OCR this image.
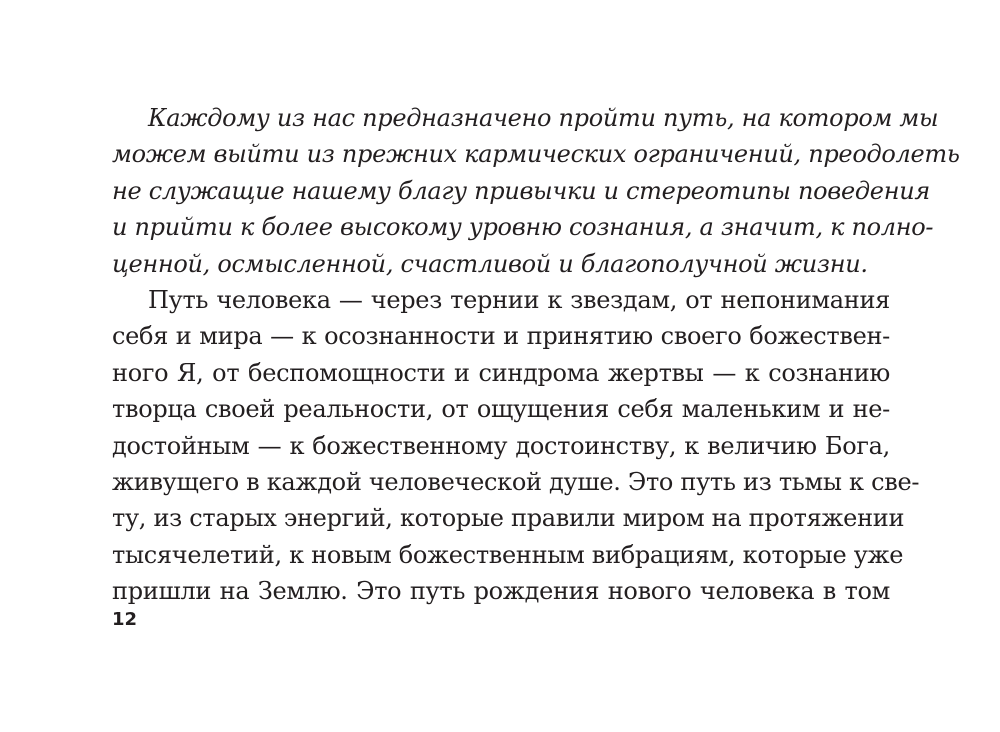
Каждому из нас предназначено пройти путь, на котором мы
можем выйти из прежних кармических ограничений, преодолеть
не служащие нашему благу привычки и стереотипы поведения
и прийти к более высокому уровню сознания, а значит, к полно-
ценной, осмысленной, счастливой и благополучной жизни.
Путь человека — через тернии к звездам, от непонимания
себя и мира — к осознанности и принятию своего божествен-
ного Я, от беспомощности и синдрома жертвы — к сознанию
творца своей реальности, от ощущения себя маленьким и не-
достойным — к божественному достоинству, к величию Бога,
живущего в каждой человеческой душе. Это путь из тьмы к све-
ту, из старых энергий, которые правили миром на протяжении
тысячелетий, к новым божественным вибрациям, которые уже
пришли на Землю. Это путь рождения нового человека в том
12
